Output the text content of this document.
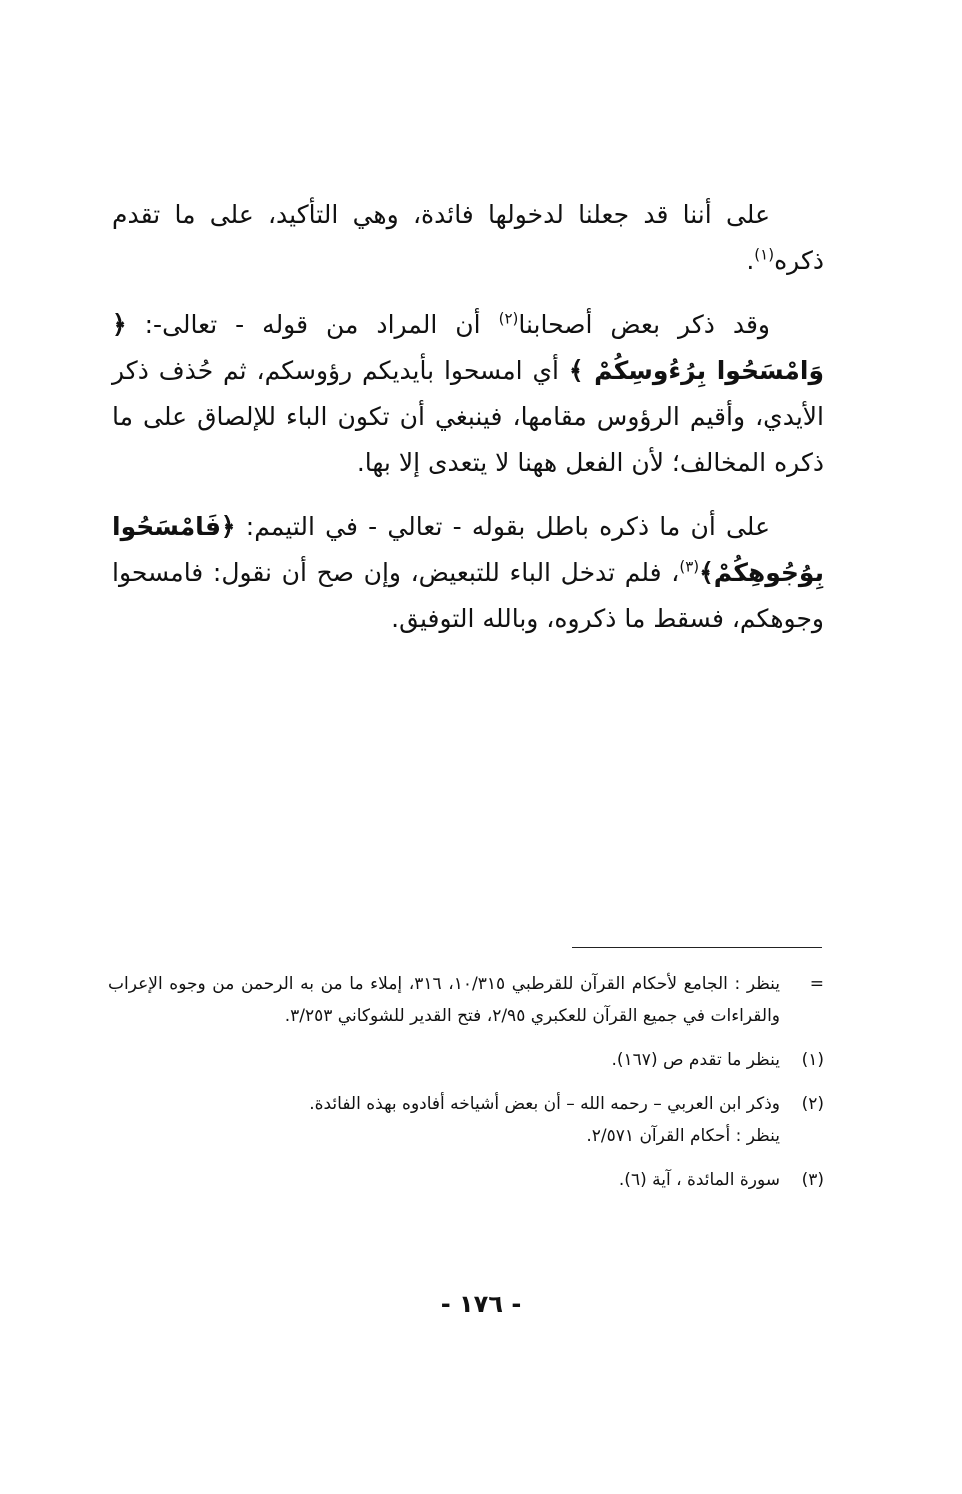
على أننا قد جعلنا لدخولها فائدة، وهي التأكيد، على ما تقدم ذكره$^{(١)}$.

وقد ذكر بعض أصحابنا$^{(٢)}$ أن المراد من قوله - تعالى-: ﴿ وَامْسَحُوا بِرُءُوسِكُمْ ﴾ أي امسحوا بأيديكم رؤوسكم، ثم حُذف ذكر الأيدي، وأقيم الرؤوس مقامها، فينبغي أن تكون الباء للإلصاق على ما ذكره المخالف؛ لأن الفعل ههنا لا يتعدى إلا بها.

على أن ما ذكره باطل بقوله - تعالي - في التيمم: ﴿فَامْسَحُوا بِوُجُوهِكُمْ﴾$^{(٣)}$، فلم تدخل الباء للتبعيض، وإن صح أن نقول: فامسحوا وجوهكم، فسقط ما ذكروه، وبالله التوفيق.

=
ينظر : الجامع لأحكام القرآن للقرطبي ١٠/٣١٥، ٣١٦، إملاء ما من به الرحمن من وجوه الإعراب والقراءات في جميع القرآن للعكبري ٢/٩٥، فتح القدير للشوكاني ٣/٢٥٣.
(١)
ينظر ما تقدم ص (١٦٧).
(٢)
وذكر ابن العربي – رحمه الله – أن بعض أشياخه أفادوه بهذه الفائدة.
ينظر : أحكام القرآن ٢/٥٧١.
(٣)
سورة المائدة ، آية (٦).
- ١٧٦ -
